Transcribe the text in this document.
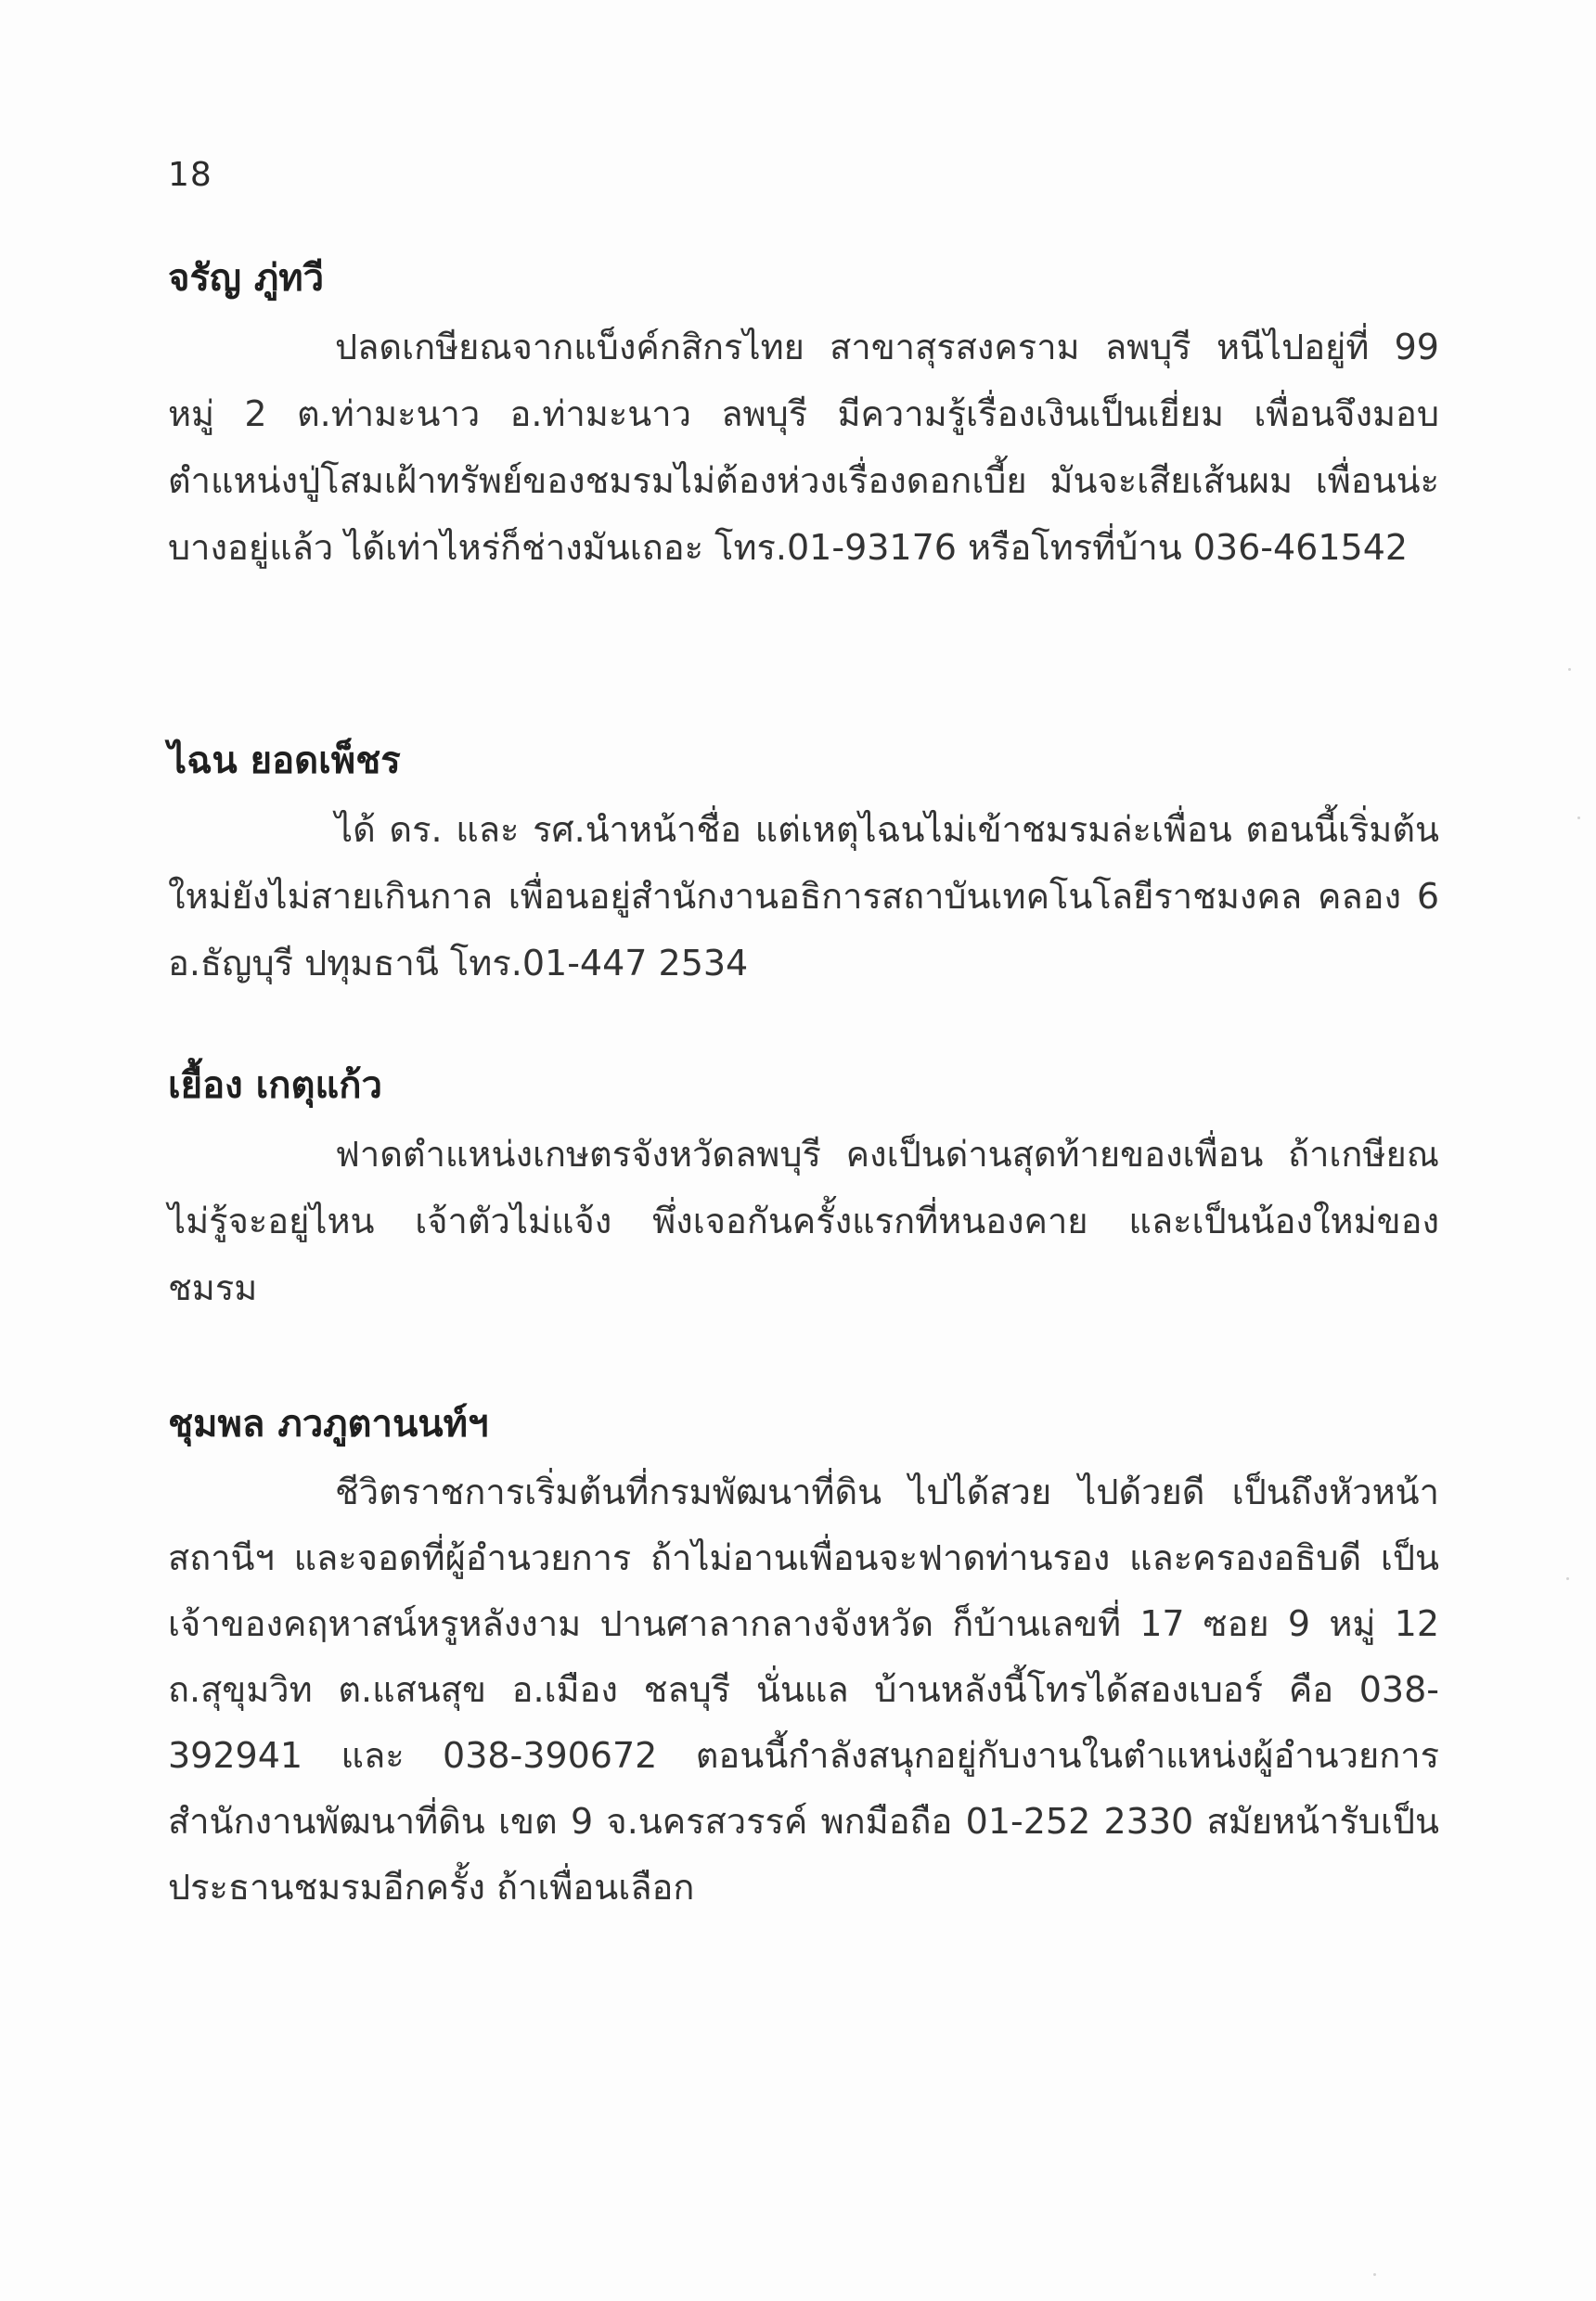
18
จรัญ ภู่ทวี

ปลดเกษียณจากแบ็งค์กสิกรไทย สาขาสุรสงคราม ลพบุรี หนีไปอยู่ที่ 99 หมู่ 2 ต.ท่ามะนาว อ.ท่ามะนาว ลพบุรี มีความรู้เรื่องเงินเป็นเยี่ยม เพื่อนจึงมอบตำแหน่งปู่โสมเฝ้าทรัพย์ของชมรมไม่ต้องห่วงเรื่องดอกเบี้ย มันจะเสียเส้นผม เพื่อนน่ะ บางอยู่แล้ว ได้เท่าไหร่ก็ช่างมันเถอะ โทร.01-93176 หรือโทรที่บ้าน 036-461542

ไฉน ยอดเพ็ชร

ได้ ดร. และ รศ.นำหน้าชื่อ แต่เหตุไฉนไม่เข้าชมรมล่ะเพื่อน ตอนนี้เริ่มต้นใหม่ยังไม่สายเกินกาล เพื่อนอยู่สำนักงานอธิการสถาบันเทคโนโลยีราชมงคล คลอง 6 อ.ธัญบุรี ปทุมธานี โทร.01-447 2534

เยื้อง เกตุแก้ว

ฟาดตำแหน่งเกษตรจังหวัดลพบุรี คงเป็นด่านสุดท้ายของเพื่อน ถ้าเกษียณไม่รู้จะอยู่ไหน เจ้าตัวไม่แจ้ง พึ่งเจอกันครั้งแรกที่หนองคาย และเป็นน้องใหม่ของชมรม

ชุมพล ภวภูตานนท์ฯ

ชีวิตราชการเริ่มต้นที่กรมพัฒนาที่ดิน ไปได้สวย ไปด้วยดี เป็นถึงหัวหน้าสถานีฯ และจอดที่ผู้อำนวยการ ถ้าไม่อานเพื่อนจะฟาดท่านรอง และครองอธิบดี เป็นเจ้าของคฤหาสน์หรูหลังงาม ปานศาลากลางจังหวัด ก็บ้านเลขที่ 17 ซอย 9 หมู่ 12 ถ.สุขุมวิท ต.แสนสุข อ.เมือง ชลบุรี นั่นแล บ้านหลังนี้โทรได้สองเบอร์ คือ 038-392941 และ 038-390672 ตอนนี้กำลังสนุกอยู่กับงานในตำแหน่งผู้อำนวยการสำนักงานพัฒนาที่ดิน เขต 9 จ.นครสวรรค์ พกมือถือ 01-252 2330 สมัยหน้ารับเป็นประธานชมรมอีกครั้ง ถ้าเพื่อนเลือก
